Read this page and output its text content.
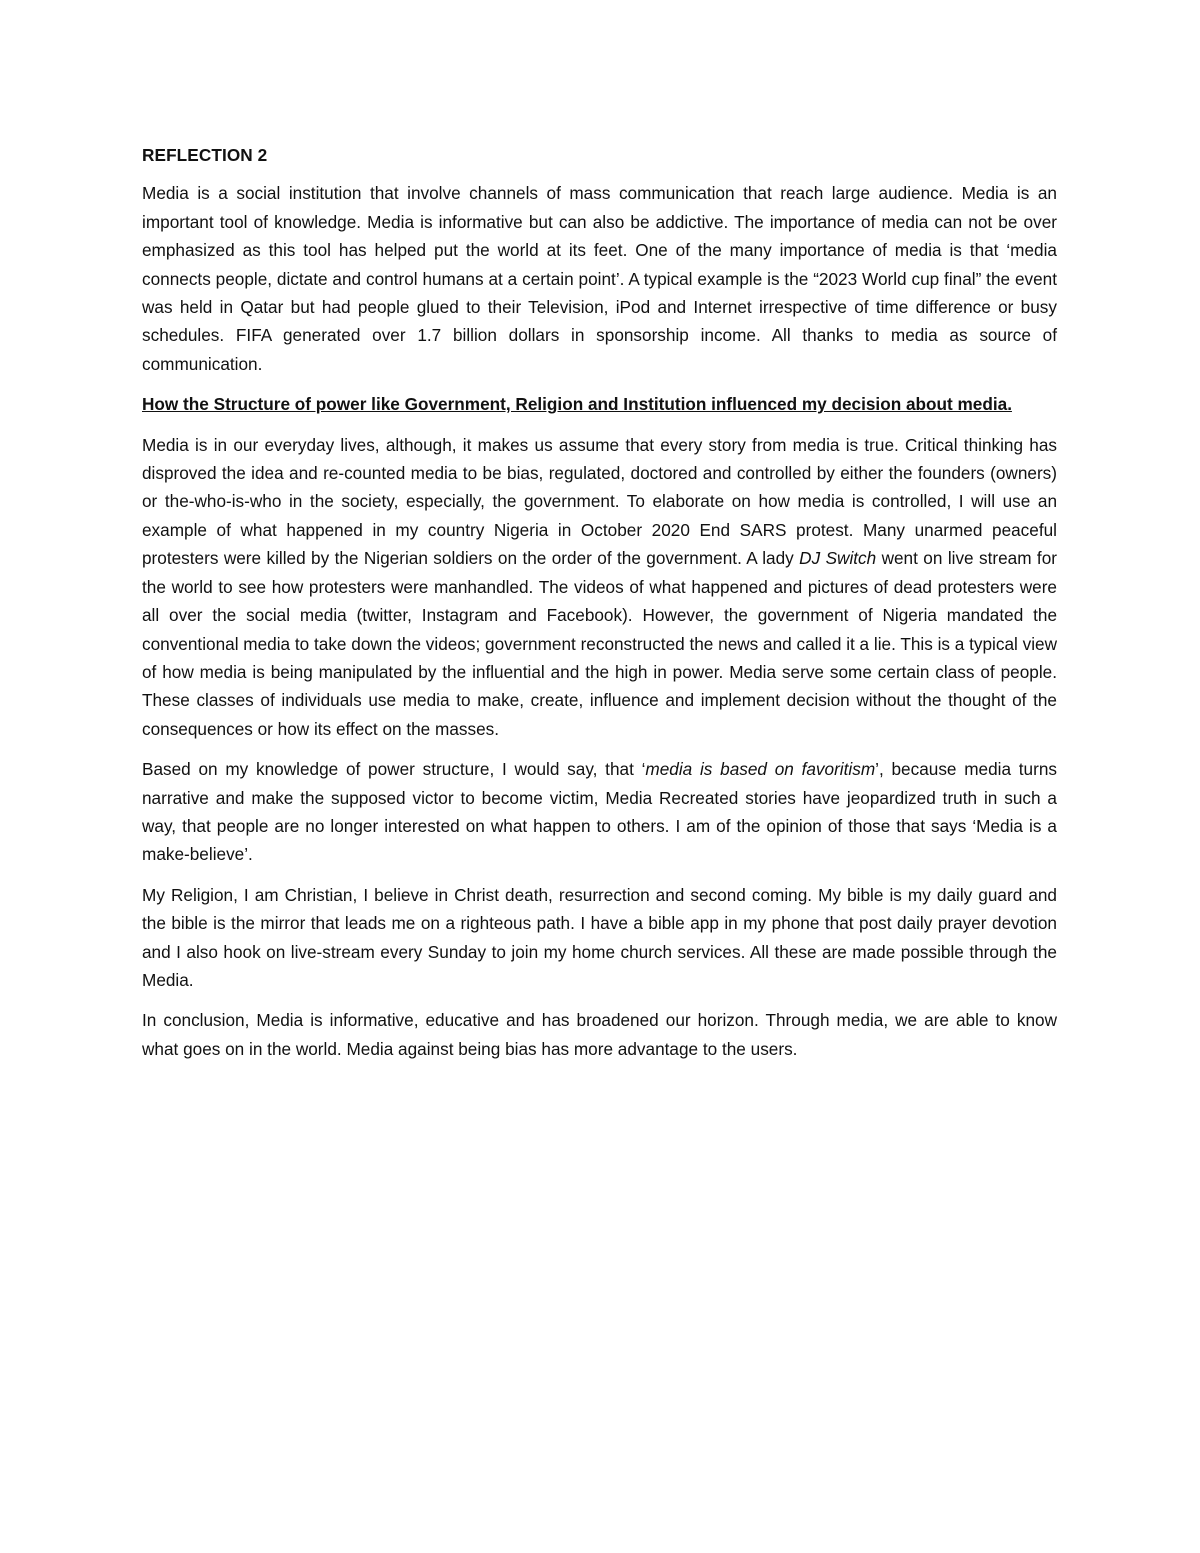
REFLECTION 2

Media is a social institution that involve channels of mass communication that reach large audience. Media is an important tool of knowledge. Media is informative but can also be addictive. The importance of media can not be over emphasized as this tool has helped put the world at its feet. One of the many importance of media is that ‘media connects people, dictate and control humans at a certain point’. A typical example is the “2023 World cup final” the event was held in Qatar but had people glued to their Television, iPod and Internet irrespective of time difference or busy schedules. FIFA generated over 1.7 billion dollars in sponsorship income. All thanks to media as source of communication.

How the Structure of power like Government, Religion and Institution influenced my decision about media.

Media is in our everyday lives, although, it makes us assume that every story from media is true. Critical thinking has disproved the idea and re-counted media to be bias, regulated, doctored and controlled by either the founders (owners) or the-who-is-who in the society, especially, the government. To elaborate on how media is controlled, I will use an example of what happened in my country Nigeria in October 2020 End SARS protest. Many unarmed peaceful protesters were killed by the Nigerian soldiers on the order of the government. A lady DJ Switch went on live stream for the world to see how protesters were manhandled. The videos of what happened and pictures of dead protesters were all over the social media (twitter, Instagram and Facebook). However, the government of Nigeria mandated the conventional media to take down the videos; government reconstructed the news and called it a lie. This is a typical view of how media is being manipulated by the influential and the high in power. Media serve some certain class of people. These classes of individuals use media to make, create, influence and implement decision without the thought of the consequences or how its effect on the masses.

Based on my knowledge of power structure, I would say, that ‘media is based on favoritism’, because media turns narrative and make the supposed victor to become victim, Media Recreated stories have jeopardized truth in such a way, that people are no longer interested on what happen to others. I am of the opinion of those that says ‘Media is a make-believe’.

My Religion, I am Christian, I believe in Christ death, resurrection and second coming. My bible is my daily guard and the bible is the mirror that leads me on a righteous path. I have a bible app in my phone that post daily prayer devotion and I also hook on live-stream every Sunday to join my home church services. All these are made possible through the Media.

In conclusion, Media is informative, educative and has broadened our horizon. Through media, we are able to know what goes on in the world. Media against being bias has more advantage to the users.
